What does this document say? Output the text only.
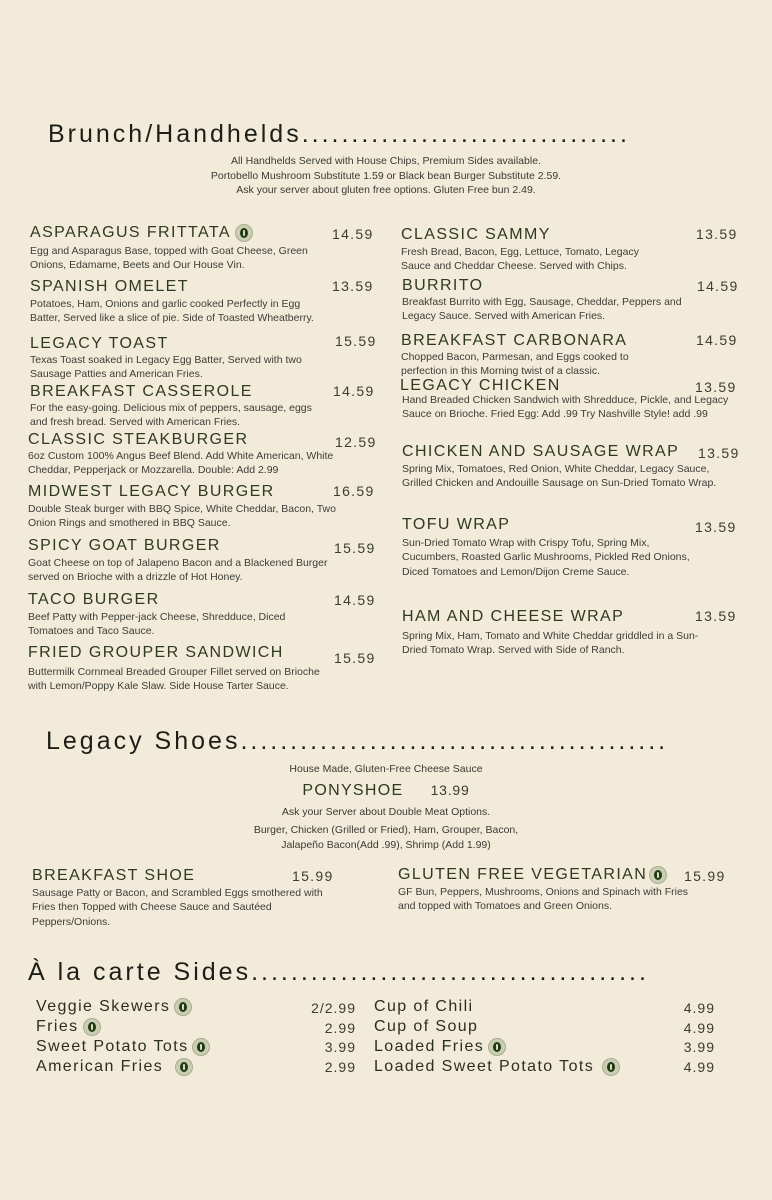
Brunch/Handhelds.................................
All Handhelds Served with House Chips, Premium Sides available.
Portobello Mushroom Substitute 1.59 or Black bean Burger Substitute 2.59.
Ask your server about gluten free options. Gluten Free bun 2.49.
ASPARAGUS FRITTATA	14.59
Egg and Asparagus Base, topped with Goat Cheese, Green Onions, Edamame, Beets and Our House Vin.
SPANISH OMELET	13.59
Potatoes, Ham, Onions and garlic cooked Perfectly in Egg Batter, Served like a slice of pie. Side of Toasted Wheatberry.
LEGACY TOAST	15.59
Texas Toast soaked in Legacy Egg Batter, Served with two Sausage Patties and American Fries.
BREAKFAST CASSEROLE	14.59
For the easy-going. Delicious mix of peppers, sausage, eggs and fresh bread. Served with American Fries.
CLASSIC STEAKBURGER	12.59
6oz Custom 100% Angus Beef Blend. Add White American, White Cheddar, Pepperjack or Mozzarella. Double: Add 2.99
MIDWEST LEGACY BURGER	16.59
Double Steak burger with BBQ Spice, White Cheddar, Bacon, Two Onion Rings and smothered in BBQ Sauce.
SPICY GOAT BURGER	15.59
Goat Cheese on top of Jalapeno Bacon and a Blackened Burger served on Brioche with a drizzle of Hot Honey.
TACO BURGER	14.59
Beef Patty with Pepper-jack Cheese, Shredduce, Diced Tomatoes and Taco Sauce.
FRIED GROUPER SANDWICH	15.59
Buttermilk Cornmeal Breaded Grouper Fillet served on Brioche with Lemon/Poppy Kale Slaw. Side House Tarter Sauce.
CLASSIC SAMMY	13.59
Fresh Bread, Bacon, Egg, Lettuce, Tomato, Legacy Sauce and Cheddar Cheese. Served with Chips.
BURRITO	14.59
Breakfast Burrito with Egg, Sausage, Cheddar, Peppers and Legacy Sauce. Served with American Fries.
BREAKFAST CARBONARA	14.59
Chopped Bacon, Parmesan, and Eggs cooked to perfection in this Morning twist of a classic.
LEGACY CHICKEN	13.59
Hand Breaded Chicken Sandwich with Shredduce, Pickle, and Legacy Sauce on Brioche. Fried Egg: Add .99 Try Nashville Style! add .99
CHICKEN AND SAUSAGE WRAP	13.59
Spring Mix, Tomatoes, Red Onion, White Cheddar, Legacy Sauce, Grilled Chicken and Andouille Sausage on Sun-Dried Tomato Wrap.
TOFU WRAP	13.59
Sun-Dried Tomato Wrap with Crispy Tofu, Spring Mix, Cucumbers, Roasted Garlic Mushrooms, Pickled Red Onions, Diced Tomatoes and Lemon/Dijon Creme Sauce.
HAM AND CHEESE WRAP	13.59
Spring Mix, Ham, Tomato and White Cheddar griddled in a Sun-Dried Tomato Wrap. Served with Side of Ranch.
Legacy Shoes...........................................
House Made, Gluten-Free Cheese Sauce
PONYSHOE 13.99
Ask your Server about Double Meat Options.
Burger, Chicken (Grilled or Fried), Ham, Grouper, Bacon,
Jalapeño Bacon(Add .99), Shrimp (Add 1.99)
BREAKFAST SHOE	15.99
Sausage Patty or Bacon, and Scrambled Eggs smothered with Fries then Topped with Cheese Sauce and Sautéed Peppers/Onions.
GLUTEN FREE VEGETARIAN	15.99
GF Bun, Peppers, Mushrooms, Onions and Spinach with Fries and topped with Tomatoes and Green Onions.
À la carte Sides........................................
Veggie Skewers	2/2.99
Fries	2.99
Sweet Potato Tots	3.99
American Fries	2.99
Cup of Chili	4.99
Cup of Soup	4.99
Loaded Fries	3.99
Loaded Sweet Potato Tots	4.99
